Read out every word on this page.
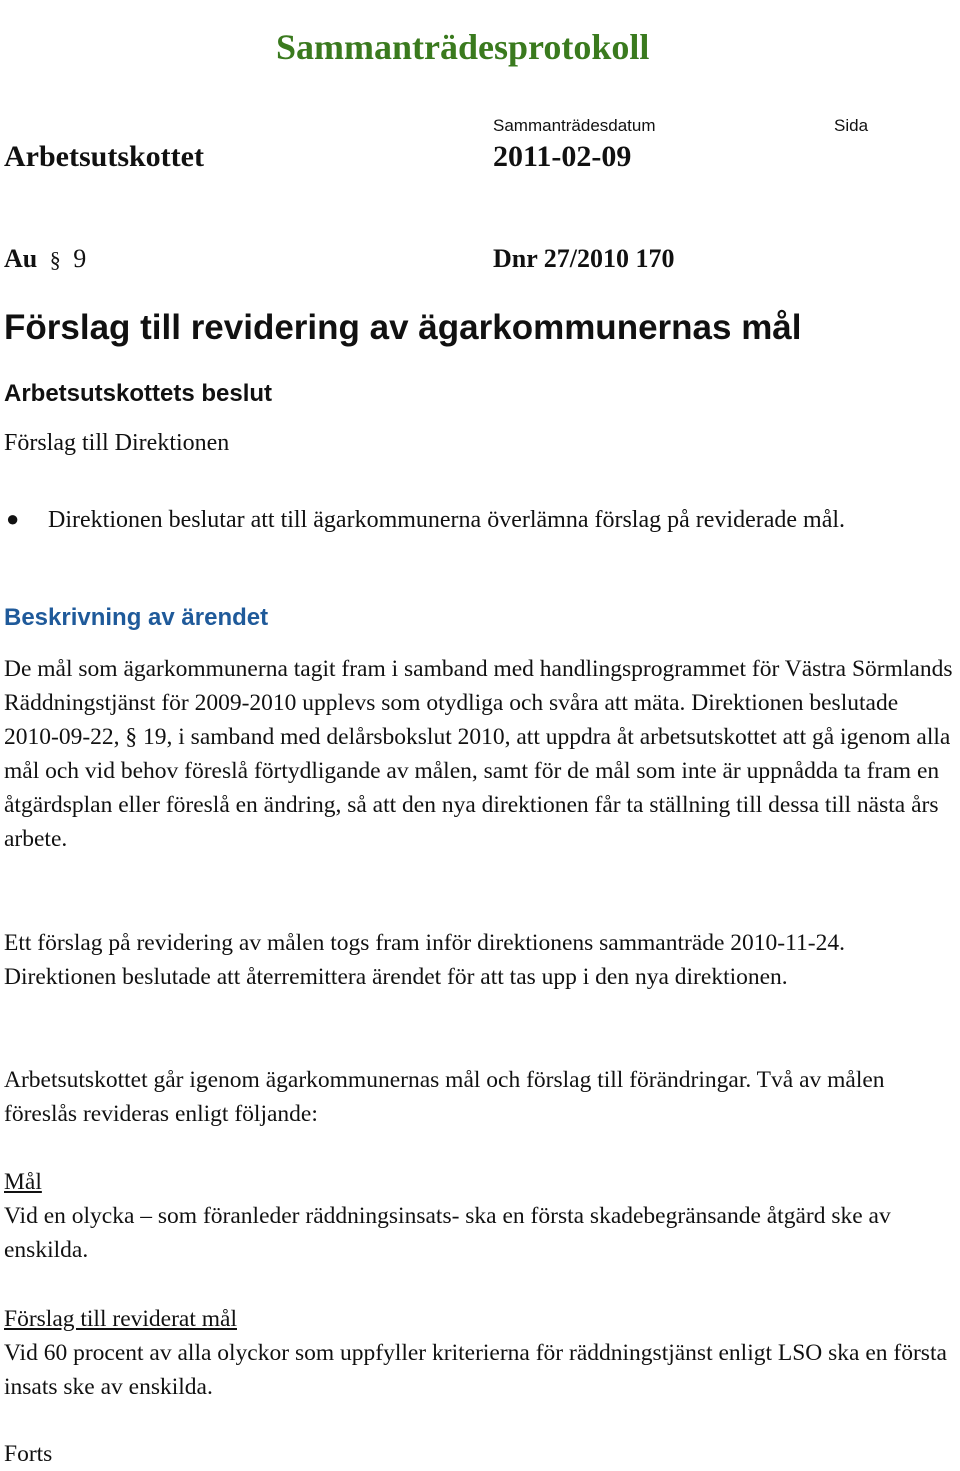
Sammanträdesprotokoll
Sammanträdesdatum	Sida
Arbetsutskottet	2011-02-09
Au § 9	Dnr 27/2010 170
Förslag till revidering av ägarkommunernas mål
Arbetsutskottets beslut
Förslag till Direktionen
● Direktionen beslutar att till ägarkommunerna överlämna förslag på reviderade mål.
Beskrivning av ärendet
De mål som ägarkommunerna tagit fram i samband med handlingsprogrammet för Västra Sörmlands Räddningstjänst för 2009-2010 upplevs som otydliga och svåra att mäta. Direktionen beslutade 2010-09-22, § 19, i samband med delårsbokslut 2010, att uppdra åt arbetsutskottet att gå igenom alla mål och vid behov föreslå förtydligande av målen, samt för de mål som inte är uppnådda ta fram en åtgärdsplan eller föreslå en ändring, så att den nya direktionen får ta ställning till dessa till nästa års arbete.
Ett förslag på revidering av målen togs fram inför direktionens sammanträde 2010-11-24. Direktionen beslutade att återremittera ärendet för att tas upp i den nya direktionen.
Arbetsutskottet går igenom ägarkommunernas mål och förslag till förändringar. Två av målen föreslås revideras enligt följande:
Mål
Vid en olycka – som föranleder räddningsinsats- ska en första skadebegränsande åtgärd ske av enskilda.
Förslag till reviderat mål
Vid 60 procent av alla olyckor som uppfyller kriterierna för räddningstjänst enligt LSO ska en första insats ske av enskilda.
Forts
